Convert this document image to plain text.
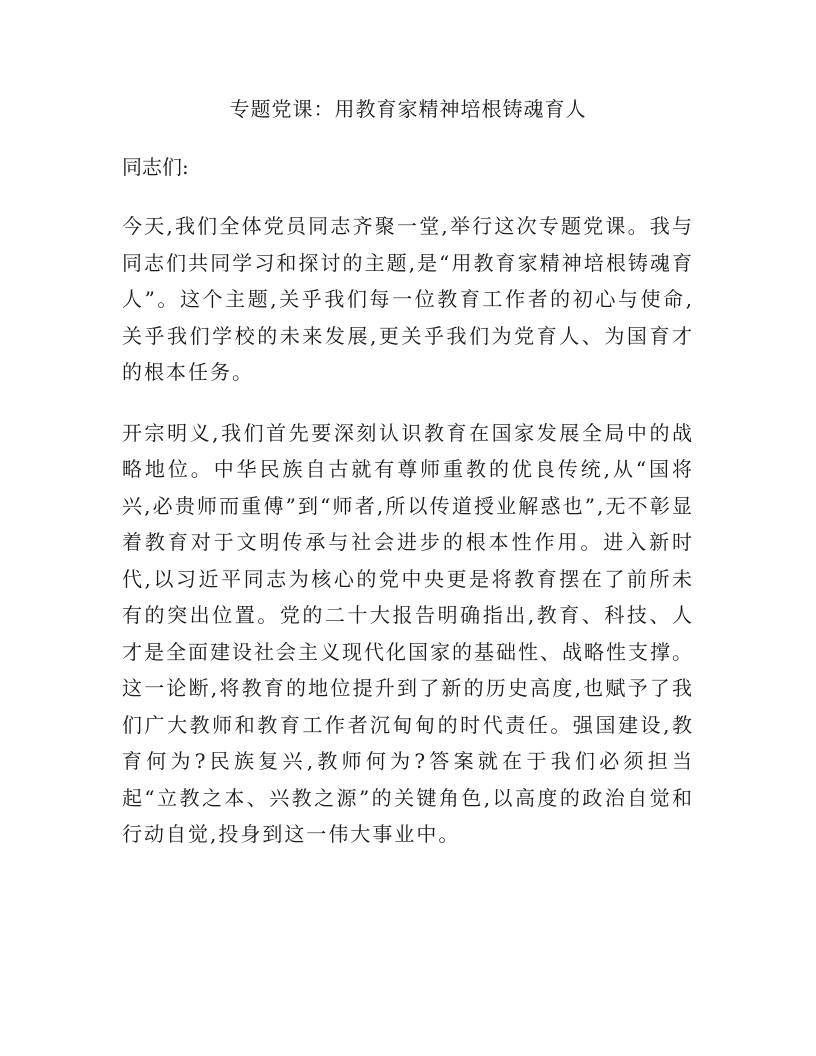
专题党课：用教育家精神培根铸魂育人

同志们:

今天,我们全体党员同志齐聚一堂,举行这次专题党课。我与同志们共同学习和探讨的主题,是“用教育家精神培根铸魂育人”。这个主题,关乎我们每一位教育工作者的初心与使命,关乎我们学校的未来发展,更关乎我们为党育人、为国育才的根本任务。

开宗明义,我们首先要深刻认识教育在国家发展全局中的战略地位。中华民族自古就有尊师重教的优良传统,从“国将兴,必贵师而重傅”到“师者,所以传道授业解惑也”,无不彰显着教育对于文明传承与社会进步的根本性作用。进入新时代,以习近平同志为核心的党中央更是将教育摆在了前所未有的突出位置。党的二十大报告明确指出,教育、科技、人才是全面建设社会主义现代化国家的基础性、战略性支撑。这一论断,将教育的地位提升到了新的历史高度,也赋予了我们广大教师和教育工作者沉甸甸的时代责任。强国建设,教育何为?民族复兴,教师何为?答案就在于我们必须担当起“立教之本、兴教之源”的关键角色,以高度的政治自觉和行动自觉,投身到这一伟大事业中。
